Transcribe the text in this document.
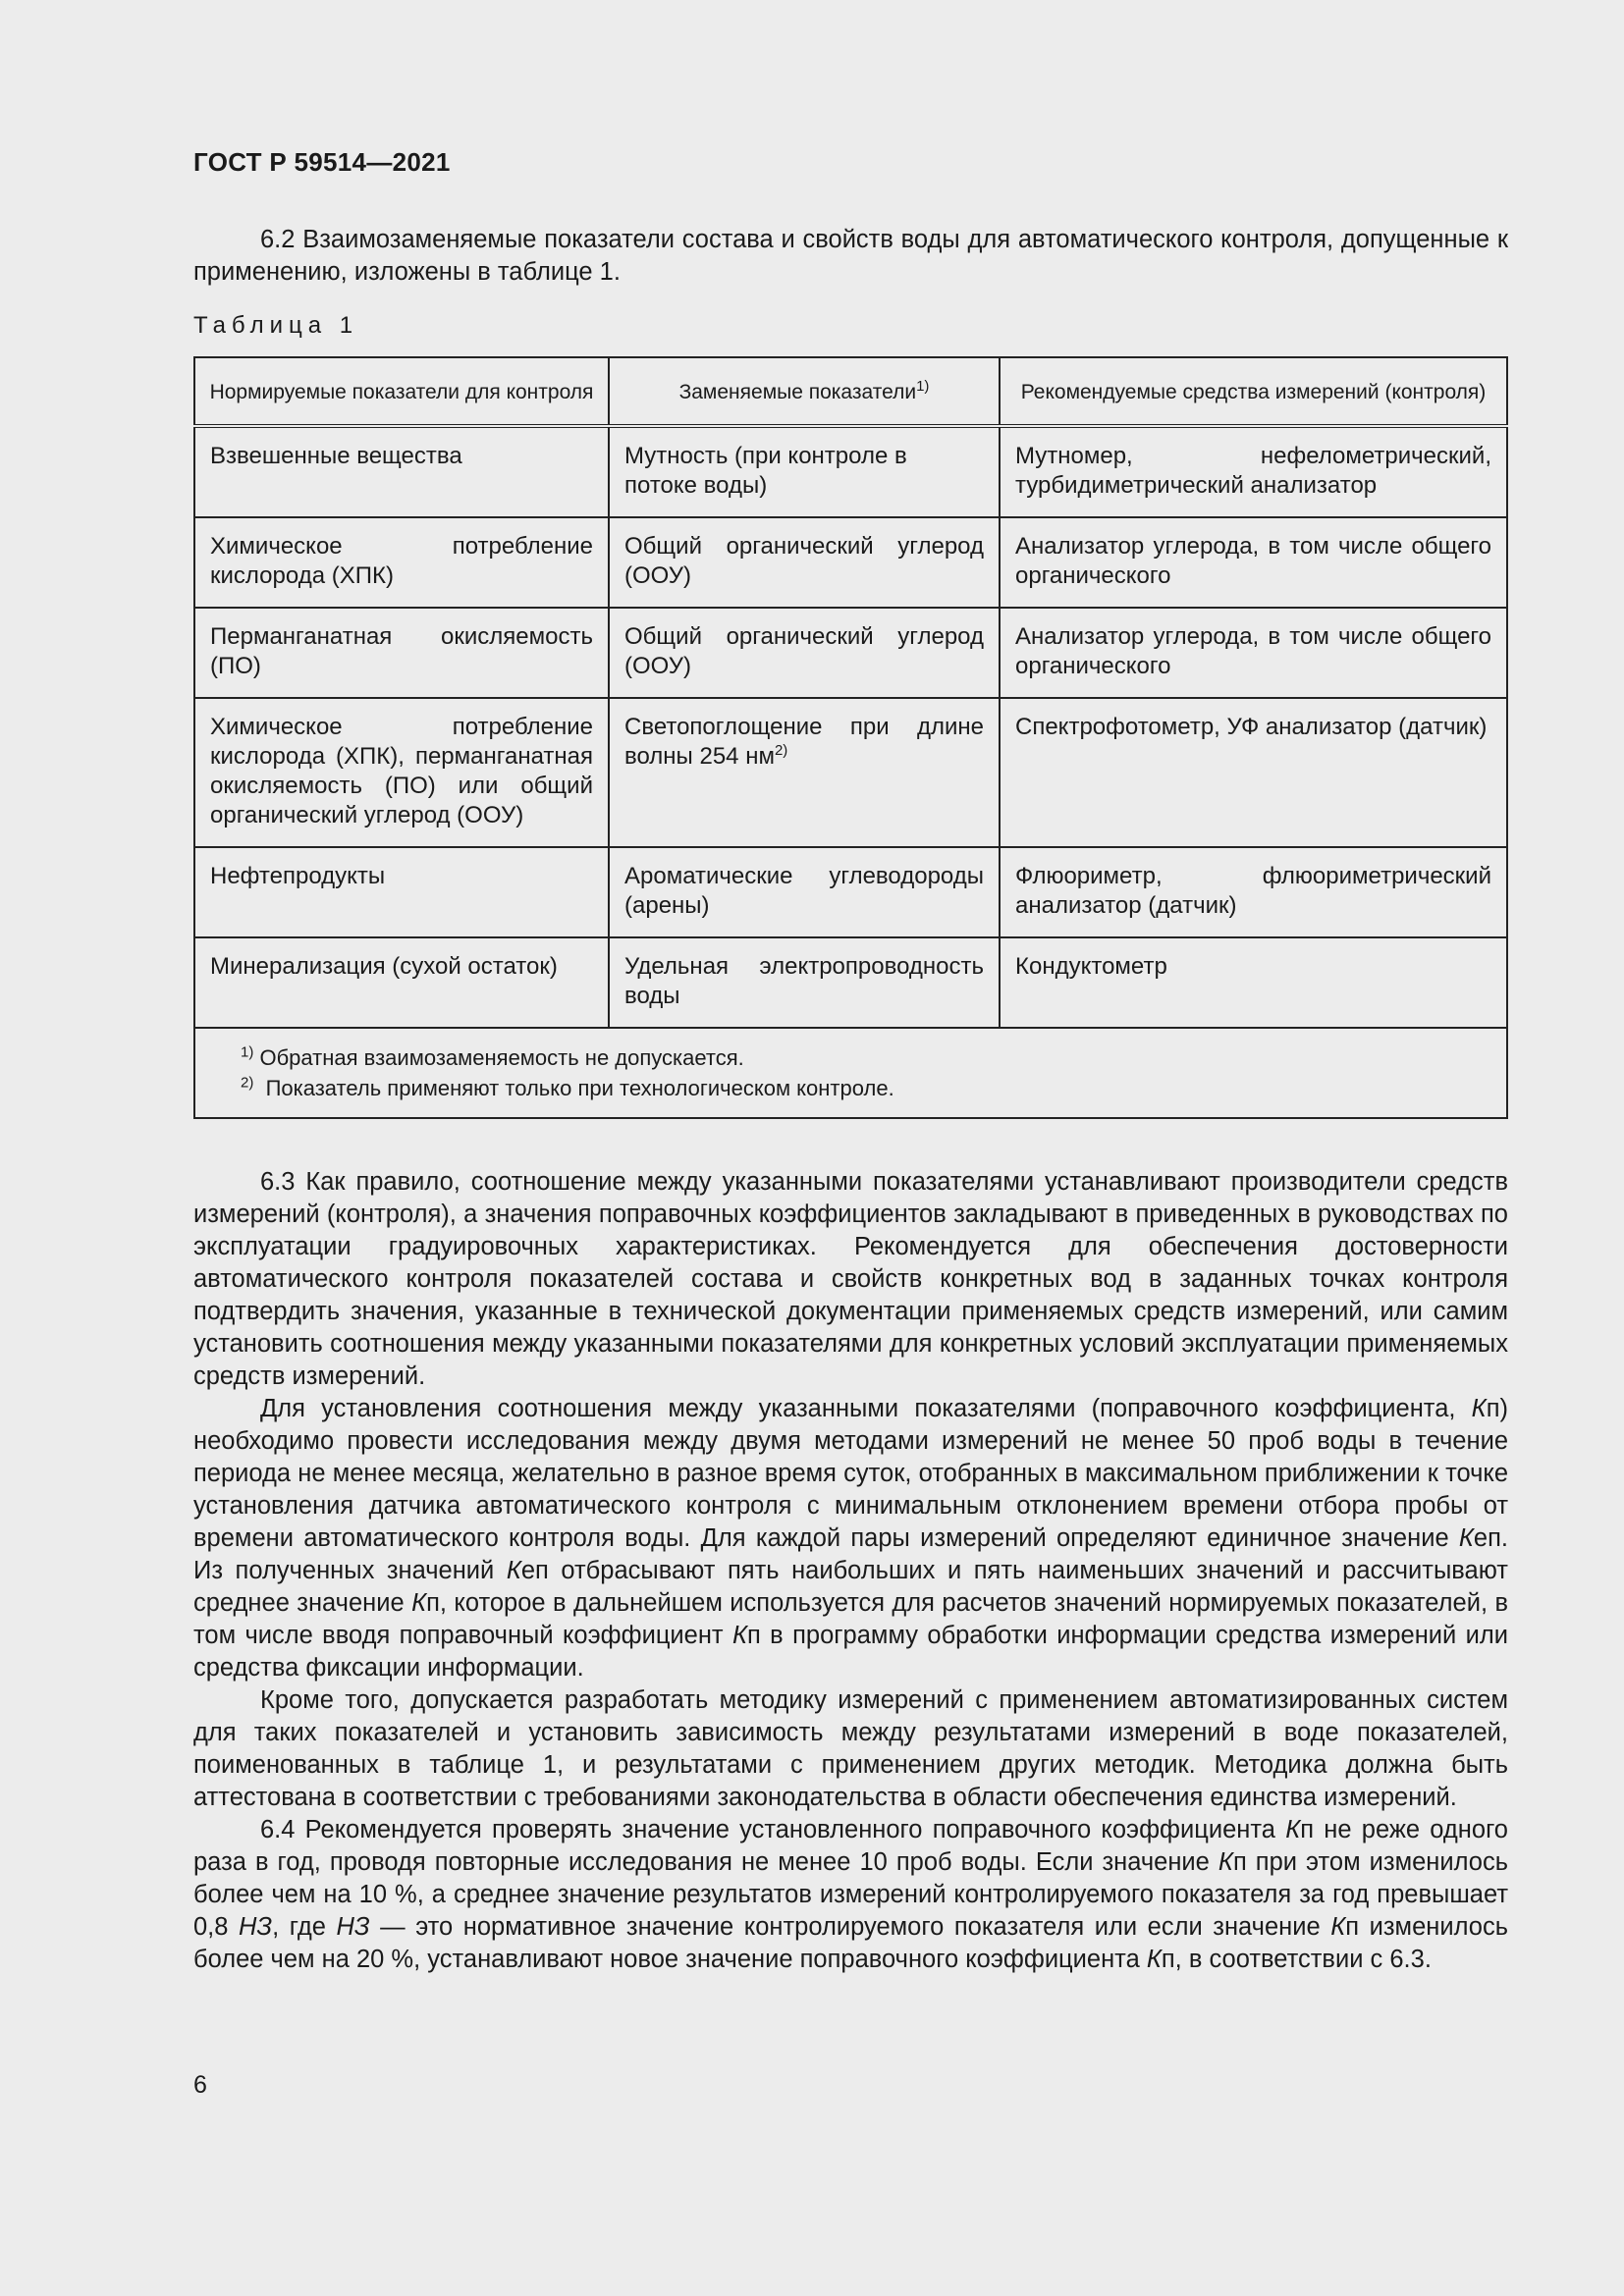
ГОСТ Р 59514—2021
6.2 Взаимозаменяемые показатели состава и свойств воды для автоматического контроля, допущенные к применению, изложены в таблице 1.
Таблица 1
Нормируемые показатели для контроля	Заменяемые показатели$^{1)}$	Рекомендуемые средства измерений (контроля)
Взвешенные вещества	Мутность (при контроле в потоке воды)	Мутномер, нефелометрический, турбидиметрический анализатор
Химическое потребление кислорода (ХПК)	Общий органический углерод (ООУ)	Анализатор углерода, в том числе общего органического
Перманганатная окисляемость (ПО)	Общий органический углерод (ООУ)	Анализатор углерода, в том числе общего органического
Химическое потребление кислорода (ХПК), перманганатная окисляемость (ПО) или общий органический углерод (ООУ)	Светопоглощение при длине волны 254 $нм^{2)}$	Спектрофотометр, УФ анализатор (датчик)
Нефтепродукты	Ароматические углеводороды (арены)	Флюориметр, флюориметрический анализатор (датчик)
Минерализация (сухой остаток)	Удельная электропроводность воды	Кондуктометр

$^{1)}$ Обратная взаимозаменяемость не допускается.
$^{2)}$ Показатель применяют только при технологическом контроле.		
6.3 Как правило, соотношение между указанными показателями устанавливают производители средств измерений (контроля), а значения поправочных коэффициентов закладывают в приведенных в руководствах по эксплуатации градуировочных характеристиках. Рекомендуется для обеспечения достоверности автоматического контроля показателей состава и свойств конкретных вод в заданных точках контроля подтвердить значения, указанные в технической документации применяемых средств измерений, или самим установить соотношения между указанными показателями для конкретных условий эксплуатации применяемых средств измерений.
Для установления соотношения между указанными показателями (поправочного коэффициента, Кп) необходимо провести исследования между двумя методами измерений не менее 50 проб воды в течение периода не менее месяца, желательно в разное время суток, отобранных в максимальном приближении к точке установления датчика автоматического контроля с минимальным отклонением времени отбора пробы от времени автоматического контроля воды. Для каждой пары измерений определяют единичное значение Кеп. Из полученных значений Кеп отбрасывают пять наибольших и пять наименьших значений и рассчитывают среднее значение Кп, которое в дальнейшем используется для расчетов значений нормируемых показателей, в том числе вводя поправочный коэффициент Кп в программу обработки информации средства измерений или средства фиксации информации.
Кроме того, допускается разработать методику измерений с применением автоматизированных систем для таких показателей и установить зависимость между результатами измерений в воде показателей, поименованных в таблице 1, и результатами с применением других методик. Методика должна быть аттестована в соответствии с требованиями законодательства в области обеспечения единства измерений.
6.4 Рекомендуется проверять значение установленного поправочного коэффициента Кп не реже одного раза в год, проводя повторные исследования не менее 10 проб воды. Если значение Кп при этом изменилось более чем на 10 %, а среднее значение результатов измерений контролируемого показателя за год превышает 0,8 НЗ, где НЗ — это нормативное значение контролируемого показателя или если значение Кп изменилось более чем на 20 %, устанавливают новое значение поправочного коэффициента Кп, в соответствии с 6.3.
6
